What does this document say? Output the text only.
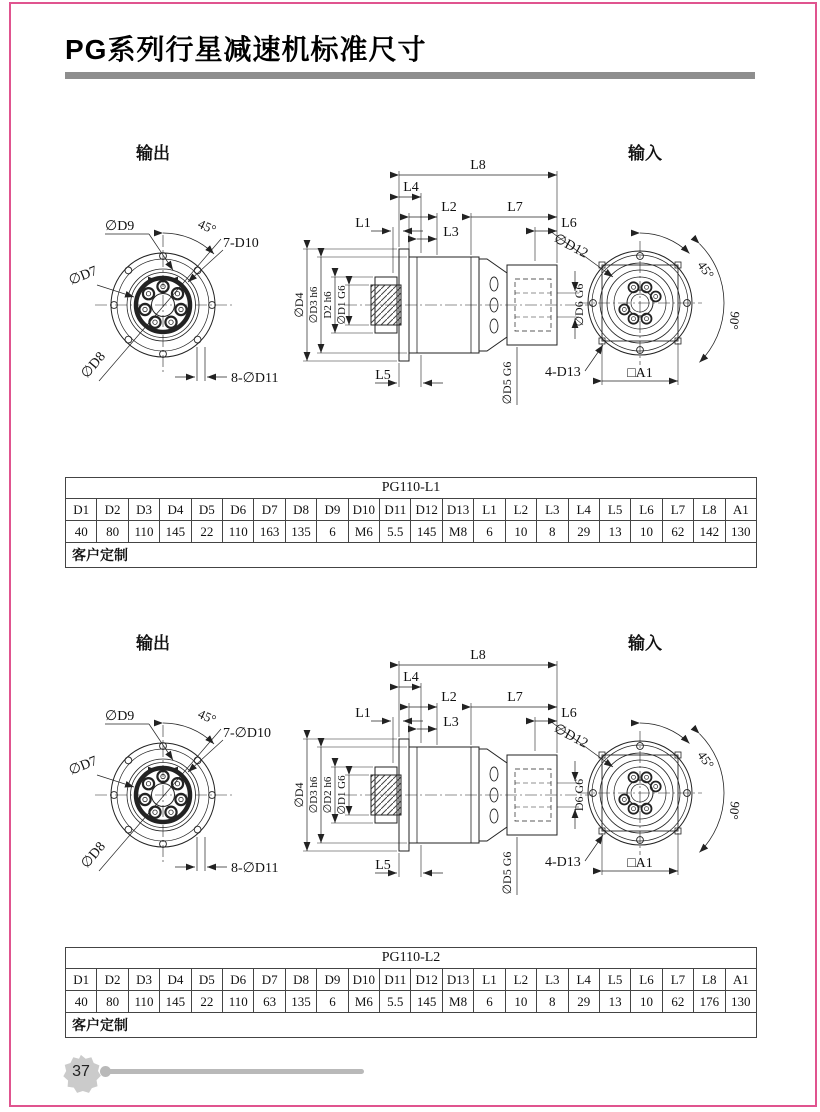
PG系列行星减速机标准尺寸
输出
45°
∅D9
7-D10
∅D7
∅D8	8-∅D11
L8
L4
L2	L7
L1
L3
L6
∅D4 ∅D3 h6 D2 h6 ∅D1 G6	∅D6 G6
∅D5 G6
L5
输入
∅D12
45°
90°
4-D13	□A1
PG110-L1																					
D1	D2	D3	D4	D5	D6	D7	D8	D9	D10	D11	D12	D13	L1	L2	L3	L4	L5	L6	L7	L8	A1
40	80	110	145	22	110	163	135	6	M6	5.5	145	M8	6	10	8	29	13	10	62	142	130
客户定制																					
输出
45°
∅D9
7-∅D10
∅D7
∅D8	8-∅D11
L8
L4
L2	L7
L1
L3
L6
∅D4 ∅D3 h6 ∅D2 h6 ∅D1 G6	D6 G6
∅D5 G6
L5
输入
∅D12
45°
90°
4-D13	□A1
PG110-L2																					
D1	D2	D3	D4	D5	D6	D7	D8	D9	D10	D11	D12	D13	L1	L2	L3	L4	L5	L6	L7	L8	A1
40	80	110	145	22	110	63	135	6	M6	5.5	145	M8	6	10	8	29	13	10	62	176	130
客户定制																					
37
